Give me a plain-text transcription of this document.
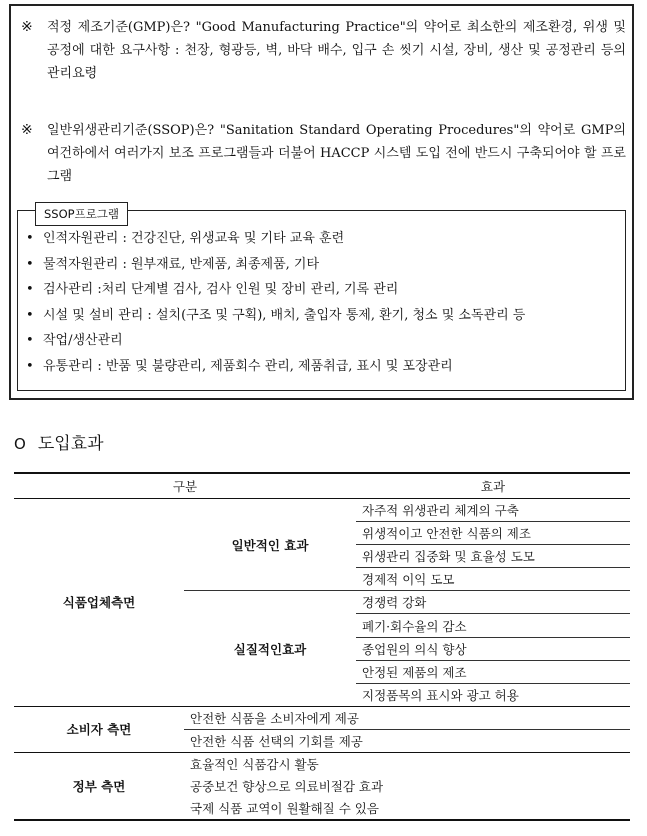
※	적정 제조기준(GMP)은? "Good Manufacturing Practice"의 약어로 최소한의 제조환경, 위생 및 공정에 대한 요구사항 : 천장, 형광등, 벽, 바닥 배수, 입구 손 씻기 시설, 장비, 생산 및 공정관리 등의 관리요령
※	일반위생관리기준(SSOP)은? "Sanitation Standard Operating Procedures"의 약어로 GMP의 여건하에서 여러가지 보조 프로그램들과 더불어 HACCP 시스템 도입 전에 반드시 구축되어야 할 프로그램
SSOP프로그램
• 인적자원관리 : 건강진단, 위생교육 및 기타 교육 훈련
• 물적자원관리 : 원부재료, 반제품, 최종제품, 기타
• 검사관리 :처리 단계별 검사, 검사 인원 및 장비 관리, 기록 관리
• 시설 및 설비 관리 : 설치(구조 및 구획), 배치, 출입자 통제, 환기, 청소 및 소독관리 등
• 작업/생산관리
• 유통관리 : 반품 및 불량관리, 제품회수 관리, 제품취급, 표시 및 포장관리
O 도입효과
구분		효과
식품업체측면	일반적인 효과	자주적 위생관리 체계의 구축
		위생적이고 안전한 식품의 제조
		위생관리 집중화 및 효율성 도모
		경제적 이익 도모
	실질적인효과	경쟁력 강화
		폐기·회수율의 감소
		종업원의 의식 향상
		안정된 제품의 제조
		지정품목의 표시와 광고 허용
소비자 측면	안전한 식품을 소비자에게 제공	
	안전한 식품 선택의 기회를 제공	
정부 측면	효율적인 식품감시 활동	
	공중보건 향상으로 의료비절감 효과	
	국제 식품 교역이 원활해질 수 있음	
